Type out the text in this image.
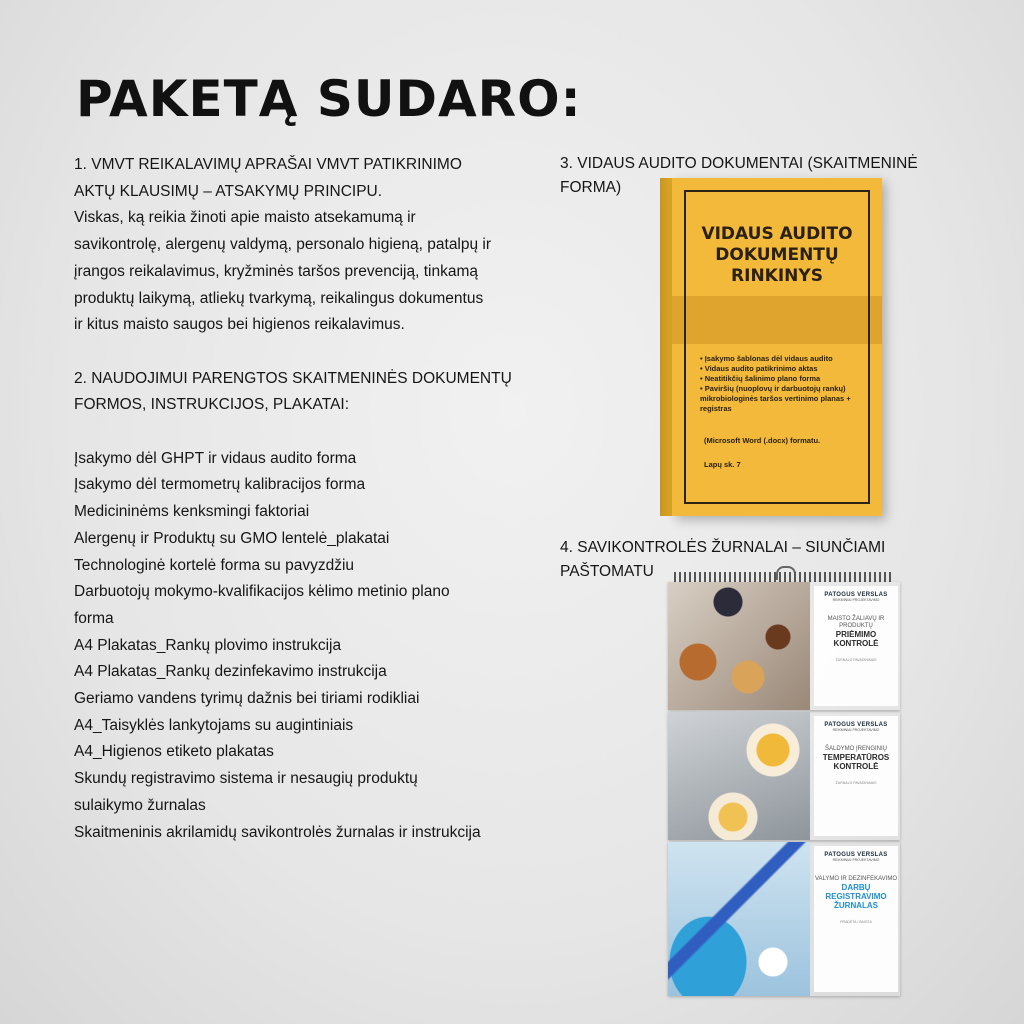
PAKETĄ SUDARO:

1. VMVT REIKALAVIMŲ APRAŠAI VMVT PATIKRINIMO

AKTŲ KLAUSIMŲ – ATSAKYMŲ PRINCIPU.

Viskas, ką reikia žinoti apie maisto atsekamumą ir

savikontrolę, alergenų valdymą, personalo higieną, patalpų ir

įrangos reikalavimus, kryžminės taršos prevenciją, tinkamą

produktų laikymą, atliekų tvarkymą, reikalingus dokumentus

ir kitus maisto saugos bei higienos reikalavimus.

2. NAUDOJIMUI PARENGTOS SKAITMENINĖS DOKUMENTŲ

FORMOS, INSTRUKCIJOS, PLAKATAI:

Įsakymo dėl GHPT ir vidaus audito forma
Įsakymo dėl termometrų kalibracijos forma
Medicininėms kenksmingi faktoriai
Alergenų ir Produktų su GMO lentelė_plakatai
Technologinė kortelė forma su pavyzdžiu
Darbuotojų mokymo-kvalifikacijos kėlimo metinio plano
forma
A4 Plakatas_Rankų plovimo instrukcija
A4 Plakatas_Rankų dezinfekavimo instrukcija
Geriamo vandens tyrimų dažnis bei tiriami rodikliai
A4_Taisyklės lankytojams su augintiniais
A4_Higienos etiketo plakatas
Skundų registravimo sistema ir nesaugių produktų
sulaikymo žurnalas
Skaitmeninis akrilamidų savikontrolės žurnalas ir instrukcija
3. VIDAUS AUDITO DOKUMENTAI (SKAITMENINĖ FORMA)
VIDAUS AUDITO DOKUMENTŲ RINKINYS
• Įsakymo šablonas dėl vidaus audito
• Vidaus audito patikrinimo aktas
• Neatitikčių šalinimo plano forma
• Paviršių (nuoplovų ir darbuotojų rankų) mikrobiologinės taršos vertinimo planas + registras
(Microsoft Word (.docx) formatu.
Lapų sk. 7
4. SAVIKONTROLĖS ŽURNALAI – SIUNČIAMI PAŠTOMATU
PATOGUS VERSLAS
REIKMINIAI PROJEKTAVIMO
MAISTO ŽALIAVŲ IR PRODUKTŲ
PRIĖMIMO KONTROLĖ
ŽURNALO PAVADINIMAS
PATOGUS VERSLAS
REIKMINIAI PROJEKTAVIMO
ŠALDYMO ĮRENGINIŲ
TEMPERATŪROS KONTROLĖ
ŽURNALO PAVADINIMAS
PATOGUS VERSLAS
REIKMINIAI PROJEKTAVIMO
VALYMO IR DEZINFEKAVIMO
DARBŲ REGISTRAVIMO ŽURNALAS
PRADĖTA / BAIGTA
